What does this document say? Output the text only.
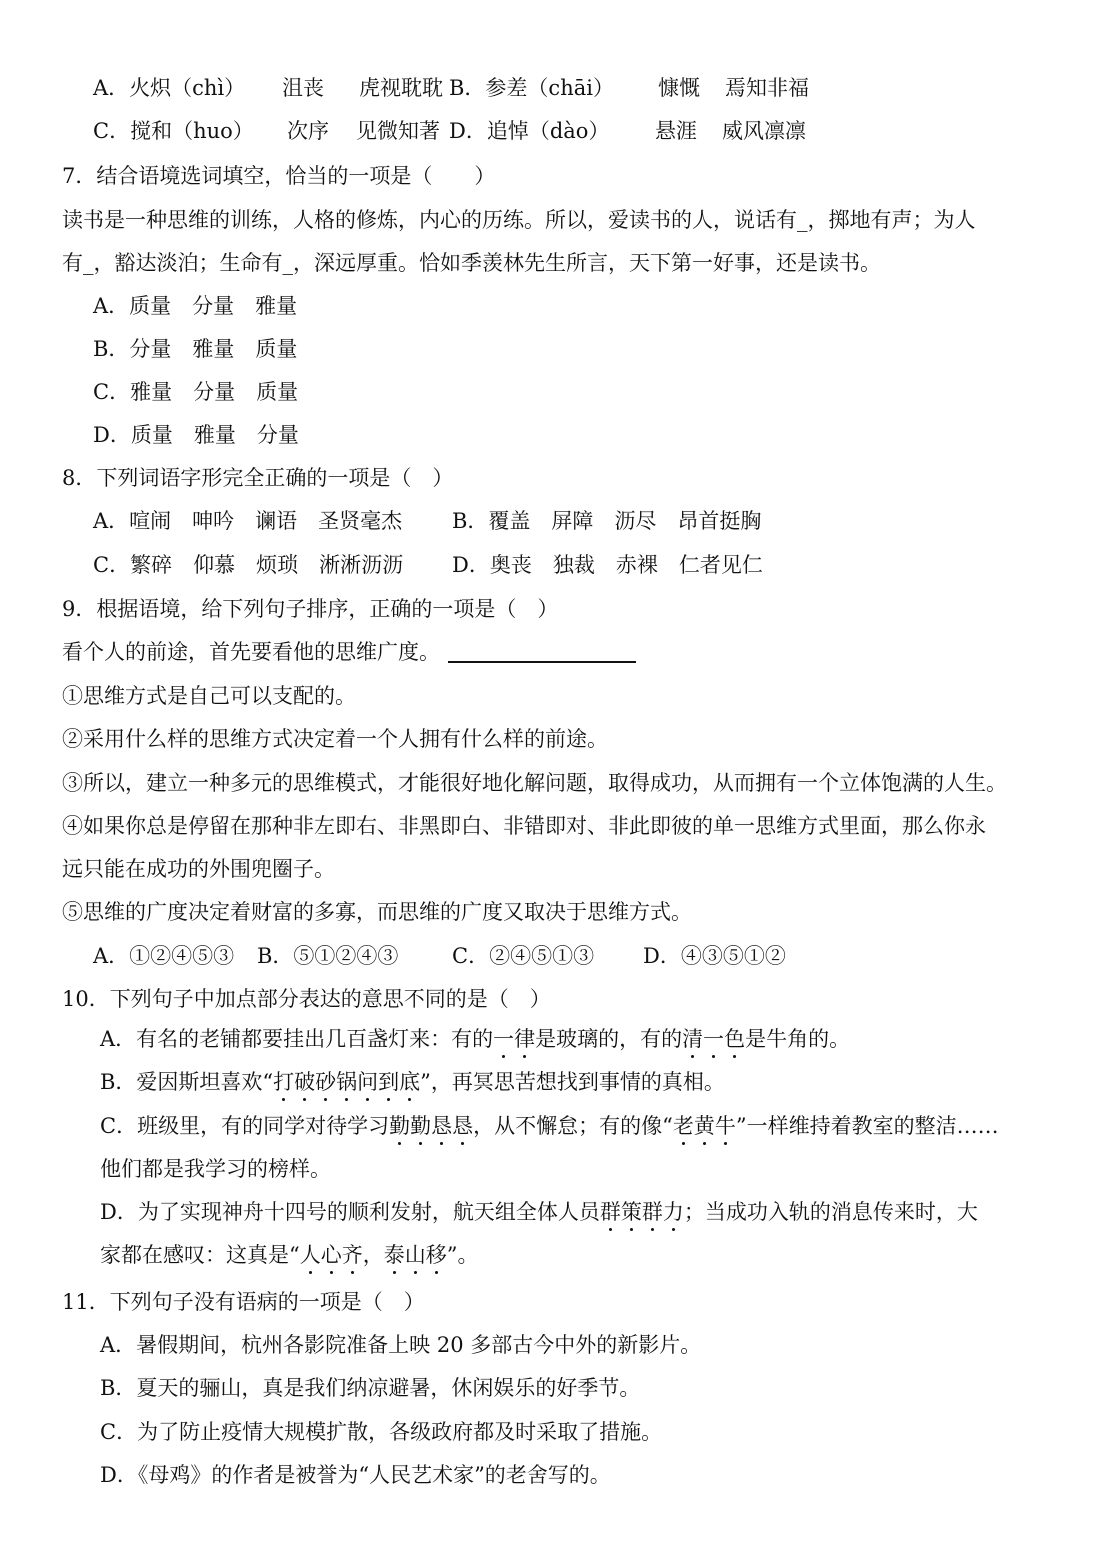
A．火炽（chì） 沮丧 虎视耽耽 B．参差（chāi） 慷慨 焉知非福
C．搅和（huo） 次序 见微知著 D．追悼（dào） 悬涯 威风凛凛
7．结合语境选词填空，恰当的一项是（　　）
读书是一种思维的训练，人格的修炼，内心的历练。所以，爱读书的人，说话有_，掷地有声；为人
有_，豁达淡泊；生命有_，深远厚重。恰如季羡林先生所言，天下第一好事，还是读书。
A．质量　分量　雅量
B．分量　雅量　质量
C．雅量　分量　质量
D．质量　雅量　分量
8．下列词语字形完全正确的一项是（　）
A．喧闹　呻吟　谰语　圣贤毫杰 B．覆盖　屏障　沥尽　昂首挺胸
C．繁碎　仰慕　烦琐　淅淅沥沥 D．奥丧　独裁　赤裸　仁者见仁
9．根据语境，给下列句子排序，正确的一项是（　）
看个人的前途，首先要看他的思维广度。
①思维方式是自己可以支配的。
②采用什么样的思维方式决定着一个人拥有什么样的前途。
③所以，建立一种多元的思维模式，才能很好地化解问题，取得成功，从而拥有一个立体饱满的人生。
④如果你总是停留在那种非左即右、非黑即白、非错即对、非此即彼的单一思维方式里面，那么你永
远只能在成功的外围兜圈子。
⑤思维的广度决定着财富的多寡，而思维的广度又取决于思维方式。
A．①②④⑤③ B．⑤①②④③	C．②④⑤①③ D．④③⑤①②
10．下列句子中加点部分表达的意思不同的是（　）
A．有名的老铺都要挂出几百盏灯来：有的一律是玻璃的，有的清一色是牛角的。
B．爱因斯坦喜欢“打破砂锅问到底”，再冥思苦想找到事情的真相。
C．班级里，有的同学对待学习勤勤恳恳，从不懈怠；有的像“老黄牛”一样维持着教室的整洁……
他们都是我学习的榜样。
D．为了实现神舟十四号的顺利发射，航天组全体人员群策群力；当成功入轨的消息传来时，大
家都在感叹：这真是“人心齐，泰山移”。
11．下列句子没有语病的一项是（　）
A．暑假期间，杭州各影院准备上映 20 多部古今中外的新影片。
B．夏天的骊山，真是我们纳凉避暑，休闲娱乐的好季节。
C．为了防止疫情大规模扩散，各级政府都及时采取了措施。
D．《母鸡》的作者是被誉为“人民艺术家”的老舍写的。
